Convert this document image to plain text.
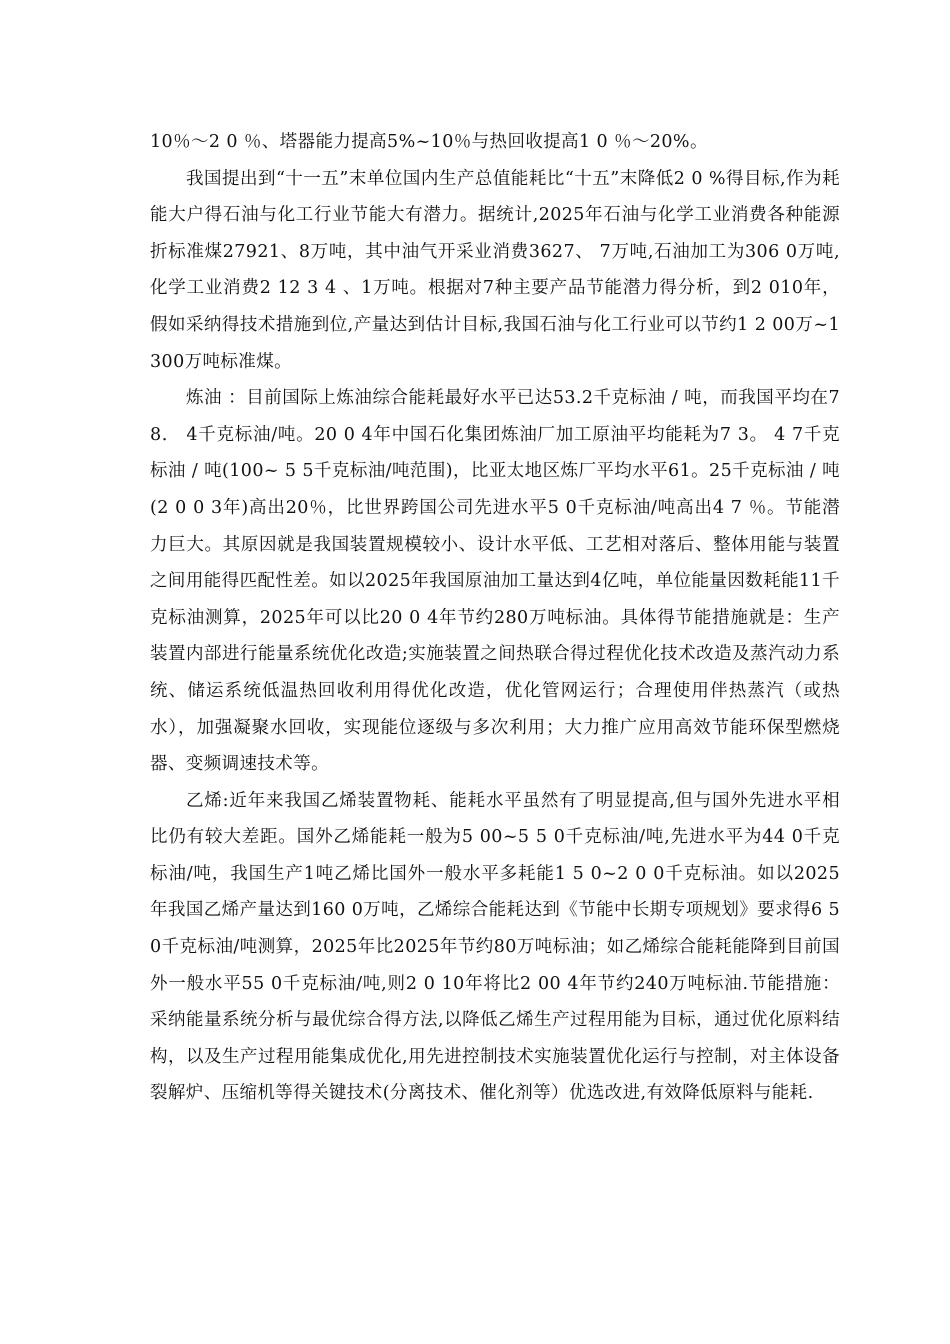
10％～2 0 ％、塔器能力提高5%~10％与热回收提高1 0 ％～20%。

我国提出到“十一五”末单位国内生产总值能耗比“十五”末降低2 0 %得目标,作为耗能大户得石油与化工行业节能大有潜力。据统计,2025年石油与化学工业消费各种能源折标准煤27921、8万吨，其中油气开采业消费3627、 7万吨,石油加工为306 0万吨,化学工业消费2 12 3 4 、1万吨。根据对7种主要产品节能潜力得分析，到2 010年，假如采纳得技术措施到位,产量达到估计目标,我国石油与化工行业可以节约1 2 00万~1300万吨标准煤。

炼油 ：目前国际上炼油综合能耗最好水平已达53.2千克标油 / 吨，而我国平均在78． 4千克标油/吨。20 0 4年中国石化集团炼油厂加工原油平均能耗为7 3。 4 7千克标油 / 吨(100~ 5 5千克标油/吨范围)，比亚太地区炼厂平均水平61。25千克标油 / 吨(2 0 0 3年)高出20％，比世界跨国公司先进水平5 0千克标油/吨高出4 7 ％。节能潜力巨大。其原因就是我国装置规模较小、设计水平低、工艺相对落后、整体用能与装置之间用能得匹配性差。如以2025年我国原油加工量达到4亿吨，单位能量因数耗能11千克标油测算，2025年可以比20 0 4年节约280万吨标油。具体得节能措施就是：生产装置内部进行能量系统优化改造;实施装置之间热联合得过程优化技术改造及蒸汽动力系统、储运系统低温热回收利用得优化改造，优化管网运行；合理使用伴热蒸汽（或热水），加强凝聚水回收，实现能位逐级与多次利用；大力推广应用高效节能环保型燃烧器、变频调速技术等。

乙烯:近年来我国乙烯装置物耗、能耗水平虽然有了明显提高,但与国外先进水平相比仍有较大差距。国外乙烯能耗一般为5 00~5 5 0千克标油/吨,先进水平为44 0千克标油/吨，我国生产1吨乙烯比国外一般水平多耗能1 5 0~2 0 0千克标油。如以2025年我国乙烯产量达到160 0万吨，乙烯综合能耗达到《节能中长期专项规划》要求得6 5 0千克标油/吨测算，2025年比2025年节约80万吨标油；如乙烯综合能耗能降到目前国外一般水平55 0千克标油/吨,则2 0 10年将比2 00 4年节约240万吨标油.节能措施：采纳能量系统分析与最优综合得方法,以降低乙烯生产过程用能为目标，通过优化原料结构，以及生产过程用能集成优化,用先进控制技术实施装置优化运行与控制，对主体设备裂解炉、压缩机等得关键技术(分离技术、催化剂等）优选改进,有效降低原料与能耗.
